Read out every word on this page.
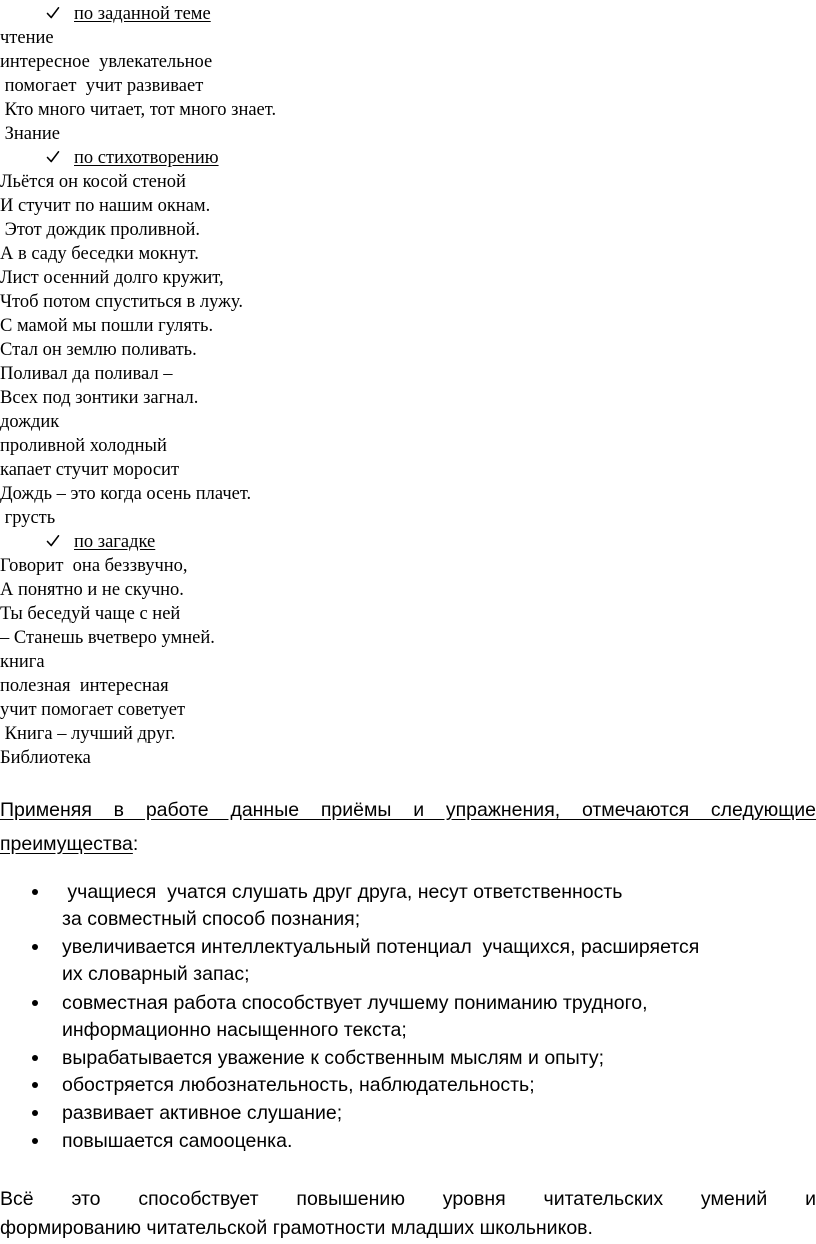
по заданной теме
чтение
интересное  увлекательное
помогает  учит развивает
Кто много читает, тот много знает.
Знание
по стихотворению
Льётся он косой стеной
И стучит по нашим окнам.
Этот дождик проливной.
А в саду беседки мокнут.
Лист осенний долго кружит,
Чтоб потом спуститься в лужу.
С мамой мы пошли гулять.
Стал он землю поливать.
Поливал да поливал –
Всех под зонтики загнал.
дождик
проливной холодный
капает стучит моросит
Дождь – это когда осень плачет.
грусть
по загадке
Говорит  она беззвучно,
А понятно и не скучно.
Ты беседуй чаще с ней
– Станешь вчетверо умней.
книга
полезная  интересная
учит помогает советует
Книга – лучший друг.
Библиотека
Применяя в работе данные приёмы и упражнения, отмечаются следующие
преимущества:
учащиеся  учатся слушать друг друга, несут ответственность
за совместный способ познания;
увеличивается интеллектуальный потенциал  учащихся, расширяется
их словарный запас;
совместная работа способствует лучшему пониманию трудного,
информационно насыщенного текста;
вырабатывается уважение к собственным мыслям и опыту;
обостряется любознательность, наблюдательность;
развивает активное слушание;
повышается самооценка.
Всё это способствует повышению уровня читательских умений и
формированию читательской грамотности младших школьников.
